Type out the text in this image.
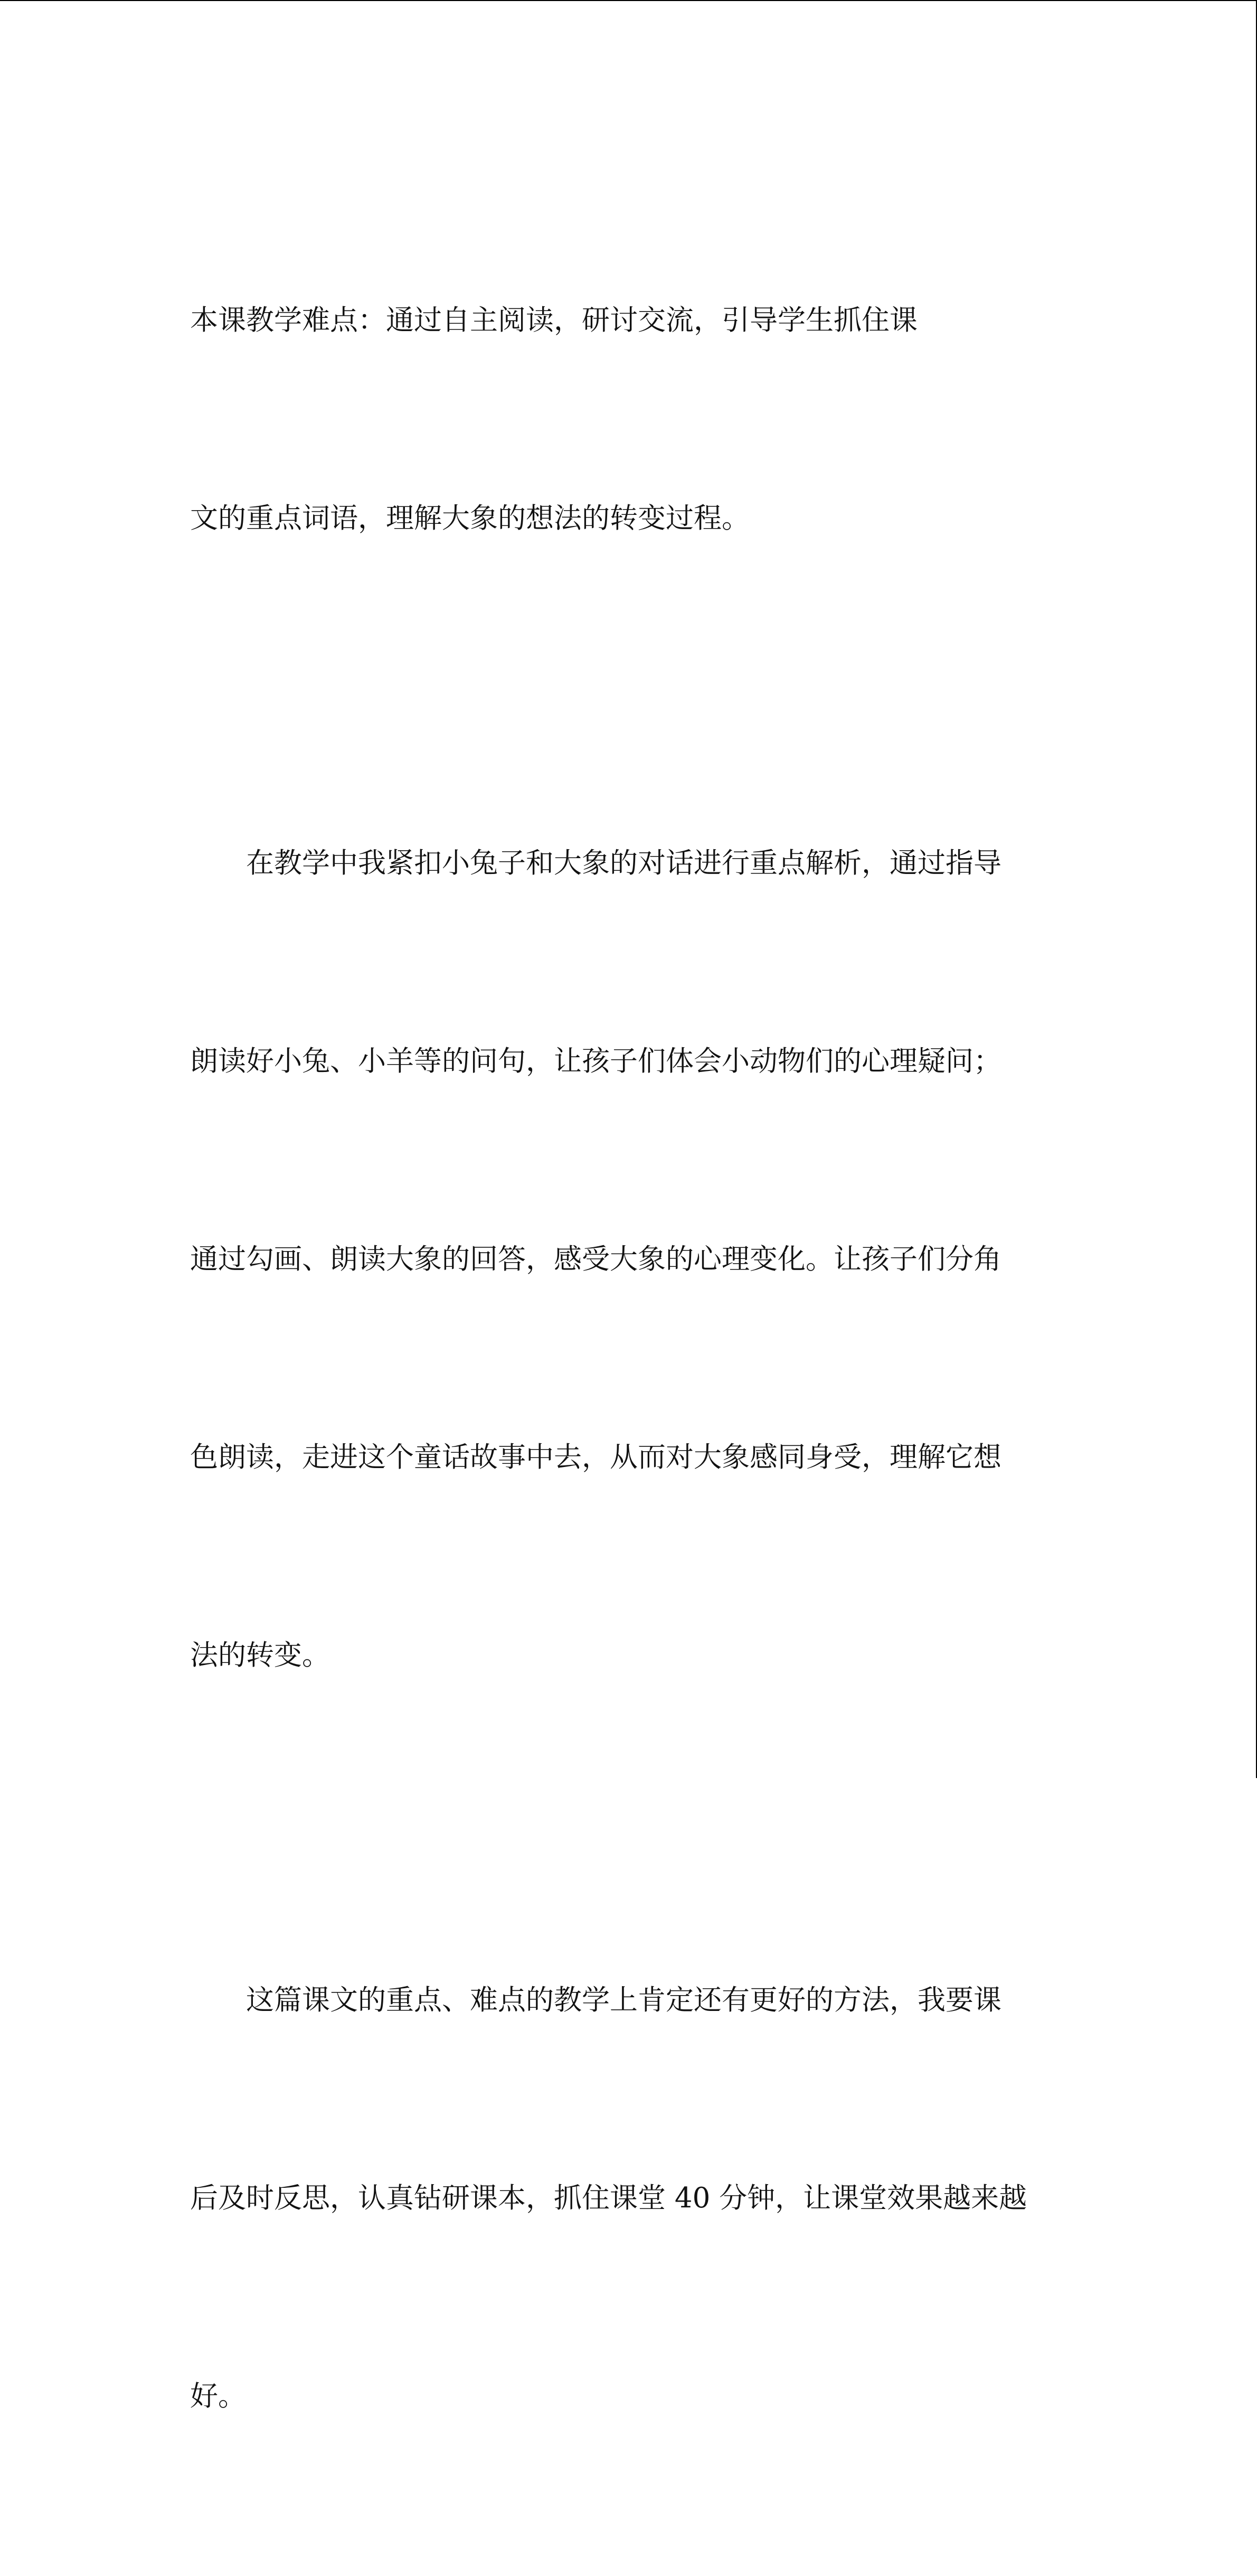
本课教学难点：通过自主阅读，研讨交流，引导学生抓住课

文的重点词语，理解大象的想法的转变过程。

　　在教学中我紧扣小兔子和大象的对话进行重点解析，通过指导

朗读好小兔、小羊等的问句，让孩子们体会小动物们的心理疑问；

通过勾画、朗读大象的回答，感受大象的心理变化。让孩子们分角

色朗读，走进这个童话故事中去，从而对大象感同身受，理解它想

法的转变。

　　这篇课文的重点、难点的教学上肯定还有更好的方法，我要课

后及时反思，认真钻研课本，抓住课堂 40 分钟，让课堂效果越来越

好。
